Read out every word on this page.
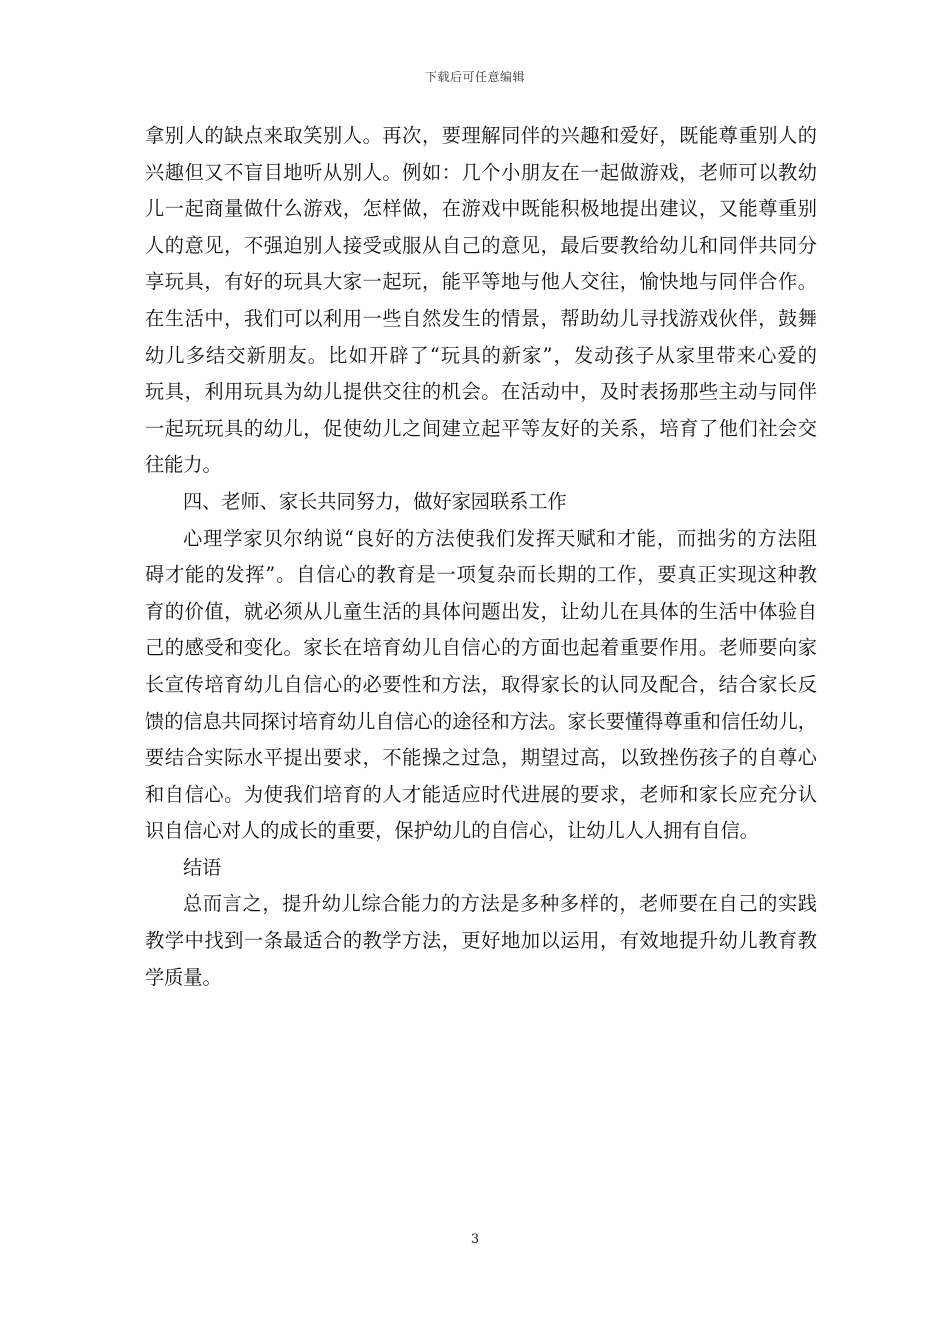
下载后可任意编辑
拿别人的缺点来取笑别人。再次，要理解同伴的兴趣和爱好，既能尊重别人的
兴趣但又不盲目地听从别人。例如：几个小朋友在一起做游戏，老师可以教幼
儿一起商量做什么游戏，怎样做，在游戏中既能积极地提出建议，又能尊重别
人的意见，不强迫别人接受或服从自己的意见，最后要教给幼儿和同伴共同分
享玩具，有好的玩具大家一起玩，能平等地与他人交往，愉快地与同伴合作。
在生活中，我们可以利用一些自然发生的情景，帮助幼儿寻找游戏伙伴，鼓舞
幼儿多结交新朋友。比如开辟了“玩具的新家”，发动孩子从家里带来心爱的
玩具，利用玩具为幼儿提供交往的机会。在活动中，及时表扬那些主动与同伴
一起玩玩具的幼儿，促使幼儿之间建立起平等友好的关系，培育了他们社会交
往能力。
四、老师、家长共同努力，做好家园联系工作
心理学家贝尔纳说“良好的方法使我们发挥天赋和才能，而拙劣的方法阻
碍才能的发挥”。自信心的教育是一项复杂而长期的工作，要真正实现这种教
育的价值，就必须从儿童生活的具体问题出发，让幼儿在具体的生活中体验自
己的感受和变化。家长在培育幼儿自信心的方面也起着重要作用。老师要向家
长宣传培育幼儿自信心的必要性和方法，取得家长的认同及配合，结合家长反
馈的信息共同探讨培育幼儿自信心的途径和方法。家长要懂得尊重和信任幼儿，
要结合实际水平提出要求，不能操之过急，期望过高，以致挫伤孩子的自尊心
和自信心。为使我们培育的人才能适应时代进展的要求，老师和家长应充分认
识自信心对人的成长的重要，保护幼儿的自信心，让幼儿人人拥有自信。
结语
总而言之，提升幼儿综合能力的方法是多种多样的，老师要在自己的实践
教学中找到一条最适合的教学方法，更好地加以运用，有效地提升幼儿教育教
学质量。
3
